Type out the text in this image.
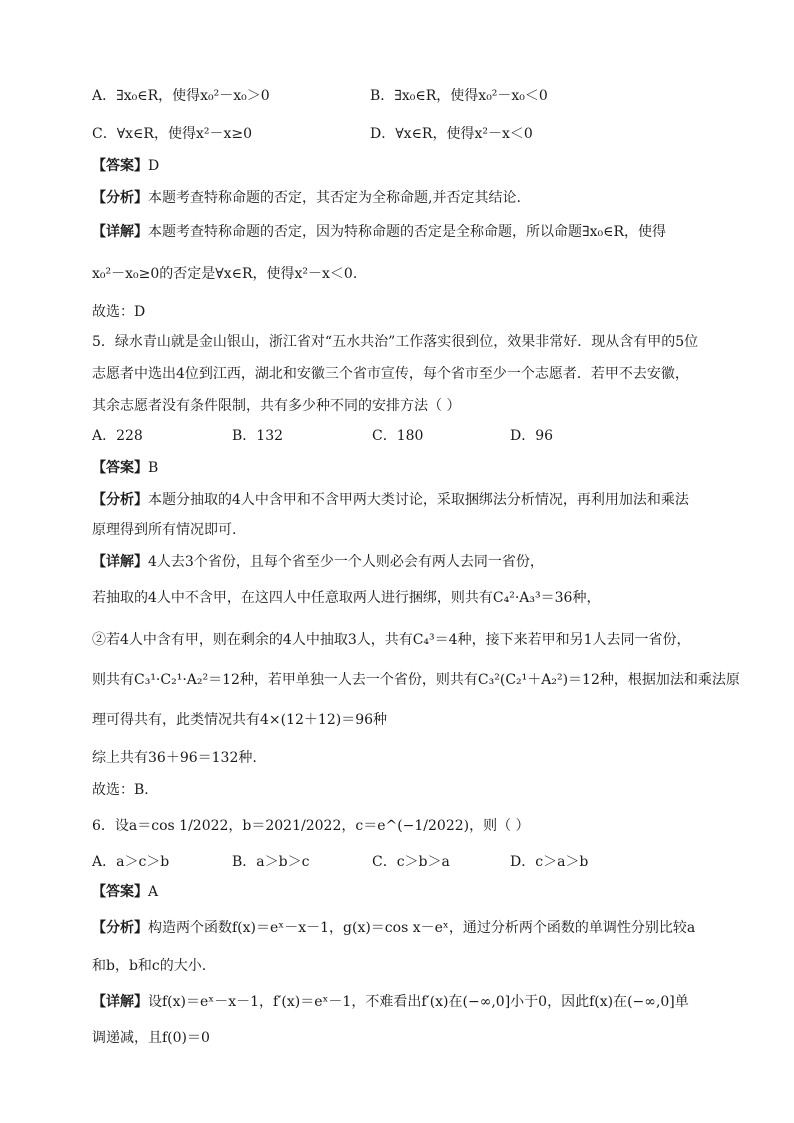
A．∃x₀∈R，使得x₀²－x₀＞0	B．∃x₀∈R，使得x₀²－x₀＜0
C．∀x∈R，使得x²－x≥0	D．∀x∈R，使得x²－x＜0
【答案】D
【分析】本题考查特称命题的否定，其否定为全称命题,并否定其结论.
【详解】本题考查特称命题的否定，因为特称命题的否定是全称命题，所以命题∃x₀∈R，使得
x₀²－x₀≥0的否定是∀x∈R，使得x²－x＜0.
故选：D
5．绿水青山就是金山银山，浙江省对“五水共治”工作落实很到位，效果非常好．现从含有甲的5位
志愿者中选出4位到江西，湖北和安徽三个省市宣传，每个省市至少一个志愿者．若甲不去安徽，
其余志愿者没有条件限制，共有多少种不同的安排方法（ ）
A．228	B．132	C．180	D．96
【答案】B
【分析】本题分抽取的4人中含甲和不含甲两大类讨论，采取捆绑法分析情况，再利用加法和乘法
原理得到所有情况即可.
【详解】4人去3个省份，且每个省至少一个人则必会有两人去同一省份，
若抽取的4人中不含甲，在这四人中任意取两人进行捆绑，则共有C₄²·A₃³＝36种，
②若4人中含有甲，则在剩余的4人中抽取3人，共有C₄³＝4种，接下来若甲和另1人去同一省份，
则共有C₃¹·C₂¹·A₂²＝12种，若甲单独一人去一个省份，则共有C₃²(C₂¹＋A₂²)＝12种，根据加法和乘法原
理可得共有，此类情况共有4×(12＋12)＝96种
综上共有36＋96＝132种.
故选：B.
6．设a＝cos 1/2022，b＝2021/2022，c＝e^(−1/2022)，则（ ）
A．a＞c＞b	B．a＞b＞c	C．c＞b＞a	D．c＞a＞b
【答案】A
【分析】构造两个函数f(x)＝eˣ－x－1，g(x)＝cos x－eˣ，通过分析两个函数的单调性分别比较a
和b，b和c的大小.
【详解】设f(x)＝eˣ－x－1，f′(x)＝eˣ－1，不难看出f′(x)在(−∞,0]小于0，因此f(x)在(−∞,0]单
调递减，且f(0)＝0
